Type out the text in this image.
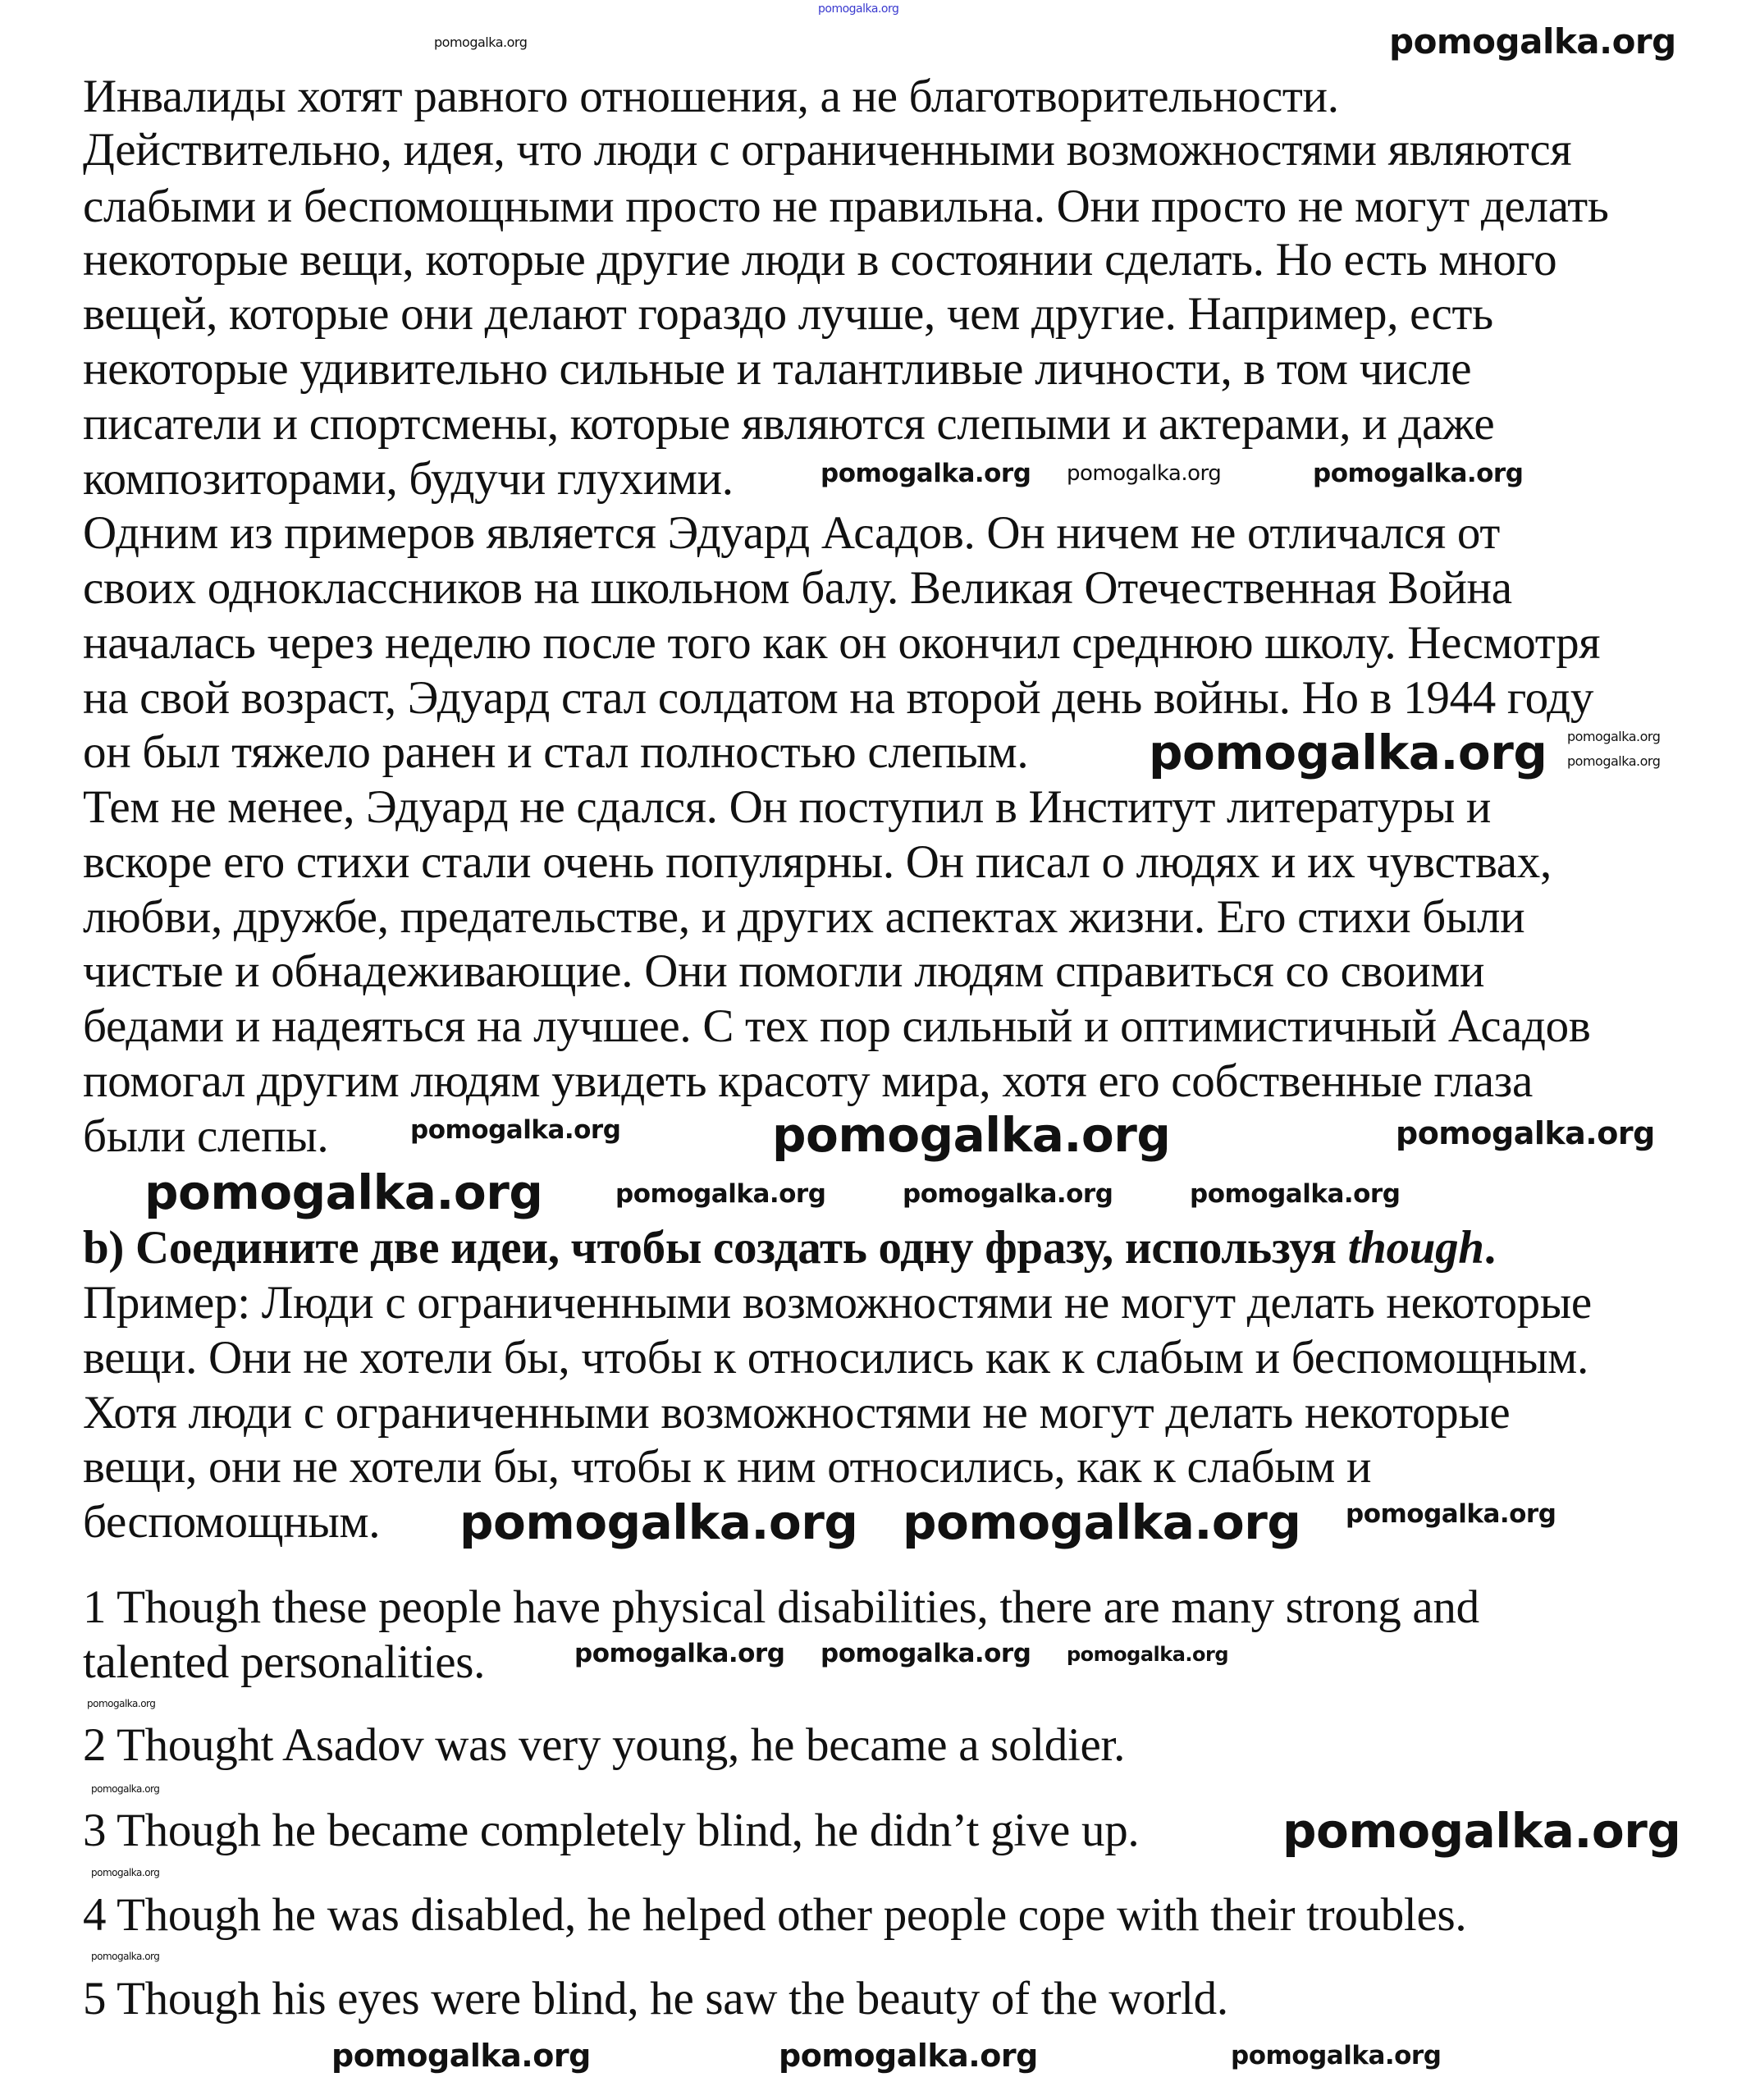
Инвалиды хотят равного отношения, а не благотворительности.
Действительно, идея, что люди с ограниченными возможностями являются
слабыми и беспомощными просто не правильна. Они просто не могут делать
некоторые вещи, которые другие люди в состоянии сделать. Но есть много
вещей, которые они делают гораздо лучше, чем другие. Например, есть
некоторые удивительно сильные и талантливые личности, в том числе
писатели и спортсмены, которые являются слепыми и актерами, и даже
композиторами, будучи глухими.
Одним из примеров является Эдуард Асадов. Он ничем не отличался от
своих одноклассников на школьном балу. Великая Отечественная Война
началась через неделю после того как он окончил среднюю школу. Несмотря
на свой возраст, Эдуард стал солдатом на второй день войны. Но в 1944 году
он был тяжело ранен и стал полностью слепым.
Тем не менее, Эдуард не сдался. Он поступил в Институт литературы и
вскоре его стихи стали очень популярны. Он писал о людях и их чувствах,
любви, дружбе, предательстве, и других аспектах жизни. Его стихи были
чистые и обнадеживающие. Они помогли людям справиться со своими
бедами и надеяться на лучшее. С тех пор сильный и оптимистичный Асадов
помогал другим людям увидеть красоту мира, хотя его собственные глаза
были слепы.
b) Соедините две идеи, чтобы создать одну фразу, используя though.
Пример: Люди с ограниченными возможностями не могут делать некоторые
вещи. Они не хотели бы, чтобы к относились как к слабым и беспомощным.
Хотя люди с ограниченными возможностями не могут делать некоторые
вещи, они не хотели бы, чтобы к ним относились, как к слабым и
беспомощным.
1 Though these people have physical disabilities, there are many strong and
talented personalities.
2 Thought Asadov was very young, he became a soldier.
3 Though he became completely blind, he didn’t give up.
4 Though he was disabled, he helped other people cope with their troubles.
5 Though his eyes were blind, he saw the beauty of the world.
pomogalka.org
pomogalka.org	pomogalka.org
pomogalka.org pomogalka.org	pomogalka.org
pomogalka.org
pomogalka.org
pomogalka.org	pomogalka.org	pomogalka.org
pomogalka.org
pomogalka.org
pomogalka.org
pomogalka.org
pomogalka.org pomogalka.org
pomogalka.org	pomogalka.org
pomogalka.org
pomogalka.org pomogalka.org
pomogalka.org
pomogalka.org
pomogalka.org
pomogalka.org
pomogalka.org	pomogalka.org
pomogalka.org
pomogalka.org
